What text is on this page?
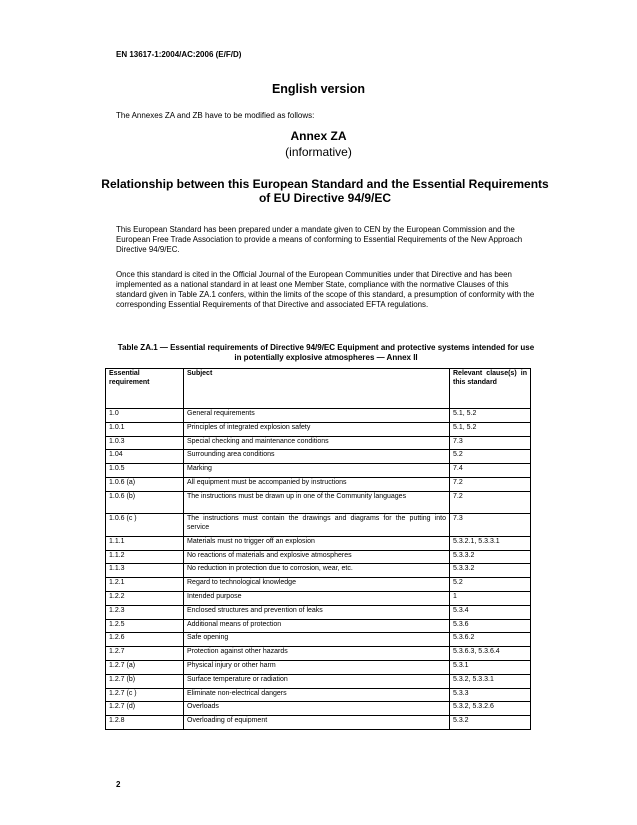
EN 13617-1:2004/AC:2006 (E/F/D)
English version
The Annexes ZA and ZB have to be modified as follows:
Annex ZA
(informative)
Relationship between this European Standard and the Essential Requirements of EU Directive 94/9/EC
This European Standard has been prepared under a mandate given to CEN by the European Commission and the European Free Trade Association to provide a means of conforming to Essential Requirements of the New Approach Directive 94/9/EC.
Once this standard is cited in the Official Journal of the European Communities under that Directive and has been implemented as a national standard in at least one Member State, compliance with the normative Clauses of this standard given in Table ZA.1 confers, within the limits of the scope of this standard, a presumption of conformity with the corresponding Essential Requirements of that Directive and associated EFTA regulations.
Table ZA.1 — Essential requirements of Directive 94/9/EC Equipment and protective systems intended for use in potentially explosive atmospheres — Annex II
Essential requirement	Subject	Relevant clause(s) in this standard
1.0	General requirements	5.1, 5.2
1.0.1	Principles of integrated explosion safety	5.1, 5.2
1.0.3	Special checking and maintenance conditions	7.3
1.04	Surrounding area conditions	5.2
1.0.5	Marking	7.4
1.0.6 (a)	All equipment must be accompanied by instructions	7.2
1.0.6 (b)	The instructions must be drawn up in one of the Community languages	7.2
1.0.6 (c )	The instructions must contain the drawings and diagrams for the putting into service	7.3
1.1.1	Materials must no trigger off an explosion	5.3.2.1, 5.3.3.1
1.1.2	No reactions of materials and explosive atmospheres	5.3.3.2
1.1.3	No reduction in protection due to corrosion, wear, etc.	5.3.3.2
1.2.1	Regard to technological knowledge	5.2
1.2.2	Intended purpose	1
1.2.3	Enclosed structures and prevention of leaks	5.3.4
1.2.5	Additional means of protection	5.3.6
1.2.6	Safe opening	5.3.6.2
1.2.7	Protection against other hazards	5.3.6.3, 5.3.6.4
1.2.7 (a)	Physical injury or other harm	5.3.1
1.2.7 (b)	Surface temperature or radiation	5.3.2, 5.3.3.1
1.2.7 (c )	Eliminate non-electrical dangers	5.3.3
1.2.7 (d)	Overloads	5.3.2, 5.3.2.6
1.2.8	Overloading of equipment	5.3.2
2
